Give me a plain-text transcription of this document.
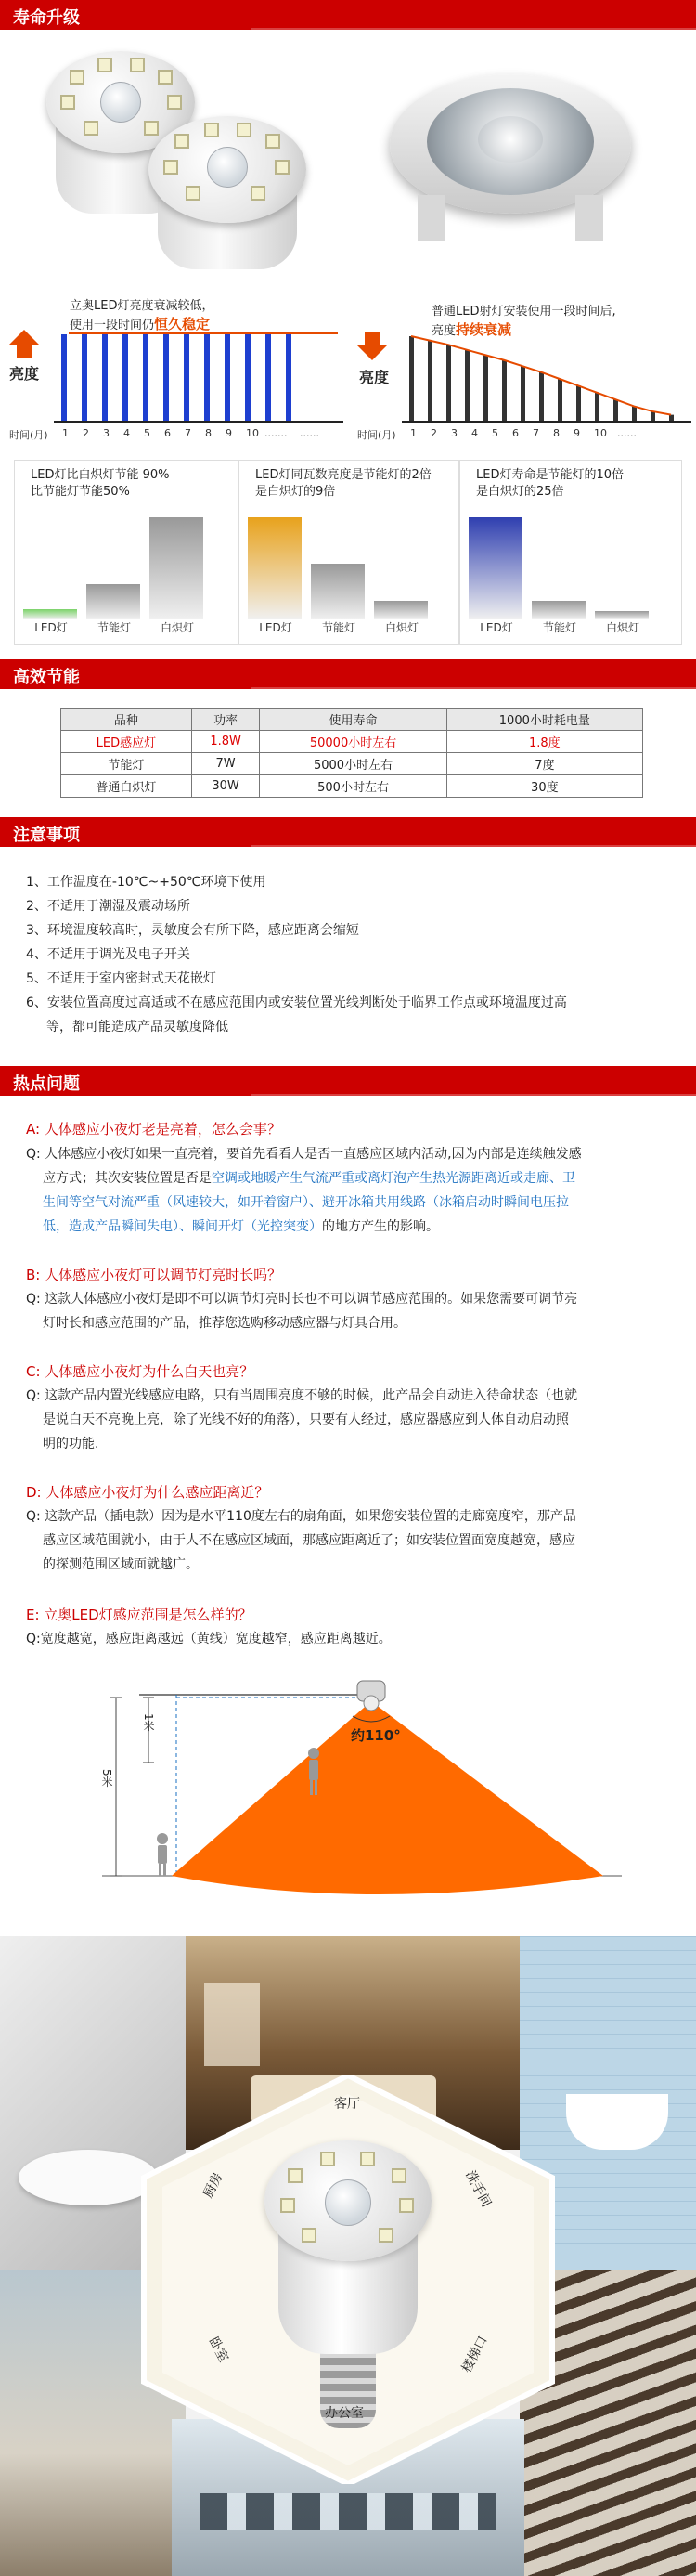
寿命升级
立奥LED灯亮度衰减较低，
使用一段时间仍恒久稳定
亮度
时间(月) 1 2 3 4 5 6 7 8 9 10 ....... ......
普通LED射灯安装使用一段时间后,
亮度持续衰减
亮度
时间(月) 1 2 3 4 5 6 7 8 9 10 ......
LED灯比白炽灯节能 90%
比节能灯节能50%
LED灯	节能灯	白炽灯
LED灯同瓦数亮度是节能灯的2倍
是白炽灯的9倍
LED灯	节能灯	白炽灯
LED灯寿命是节能灯的10倍
是白炽灯的25倍
LED灯	节能灯	白炽灯
高效节能
品种	功率	使用寿命	1000小时耗电量
LED感应灯	1.8W	50000小时左右	1.8度
节能灯	7W	5000小时左右	7度
普通白炽灯	30W	500小时左右	30度
注意事项
1、工作温度在-10℃~+50℃环境下使用
2、不适用于潮湿及震动场所
3、环境温度较高时，灵敏度会有所下降，感应距离会缩短
4、不适用于调光及电子开关
5、不适用于室内密封式天花嵌灯
6、安装位置高度过高适或不在感应范围内或安装位置光线判断处于临界工作点或环境温度过高
等，都可能造成产品灵敏度降低
热点问题
A: 人体感应小夜灯老是亮着，怎么会事？
Q: 人体感应小夜灯如果一直亮着，要首先看看人是否一直感应区域内活动,因为内部是连续触发感
应方式；其次安装位置是否是空调或地暖产生气流严重或离灯泡产生热光源距离近或走廊、卫
生间等空气对流严重（风速较大，如开着窗户）、避开冰箱共用线路（冰箱启动时瞬间电压拉
低，造成产品瞬间失电）、瞬间开灯（光控突变）的地方产生的影响。
B: 人体感应小夜灯可以调节灯亮时长吗？
Q: 这款人体感应小夜灯是即不可以调节灯亮时长也不可以调节感应范围的。如果您需要可调节亮
灯时长和感应范围的产品，推荐您选购移动感应器与灯具合用。
C: 人体感应小夜灯为什么白天也亮？
Q: 这款产品内置光线感应电路，只有当周围亮度不够的时候，此产品会自动进入待命状态（也就
是说白天不亮晚上亮，除了光线不好的角落），只要有人经过，感应器感应到人体自动启动照
明的功能.
D: 人体感应小夜灯为什么感应距离近？
Q: 这款产品（插电款）因为是水平110度左右的扇角面，如果您安装位置的走廊宽度窄，那产品
感应区域范围就小，由于人不在感应区域面，那感应距离近了；如安装位置面宽度越宽，感应
的探测范围区域面就越广。
E: 立奥LED灯感应范围是怎么样的？
Q:宽度越宽，感应距离越远（黄线）宽度越窄，感应距离越近。
1米
5米
约110°
客厅
厨房	洗手间
卧室	楼梯口
办公室
